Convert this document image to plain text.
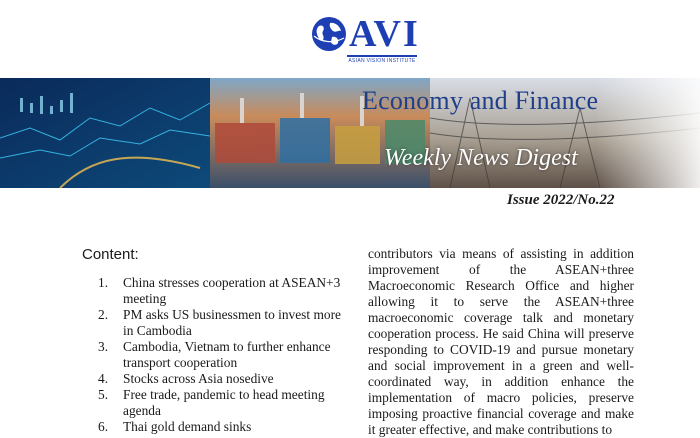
AVI
ASIAN VISION INSTITUTE
Economy and Finance
Weekly News Digest
Issue 2022/No.22
Content:
1. China stresses cooperation at ASEAN+3 meeting
2. PM asks US businessmen to invest more in Cambodia
3. Cambodia, Vietnam to further enhance transport cooperation
4. Stocks across Asia nosedive
5. Free trade, pandemic to head meeting agenda
6. Thai gold demand sinks
contributors via means of assisting in addition improvement of the ASEAN+three Macroeconomic Research Office and higher allowing it to serve the ASEAN+three macroeconomic coverage talk and monetary cooperation process. He said China will preserve responding to COVID-19 and pursue monetary and social improvement in a green and well-coordinated way, in addition enhance the implementation of macro policies, preserve imposing proactive financial coverage and make it greater effective, and make contributions to
